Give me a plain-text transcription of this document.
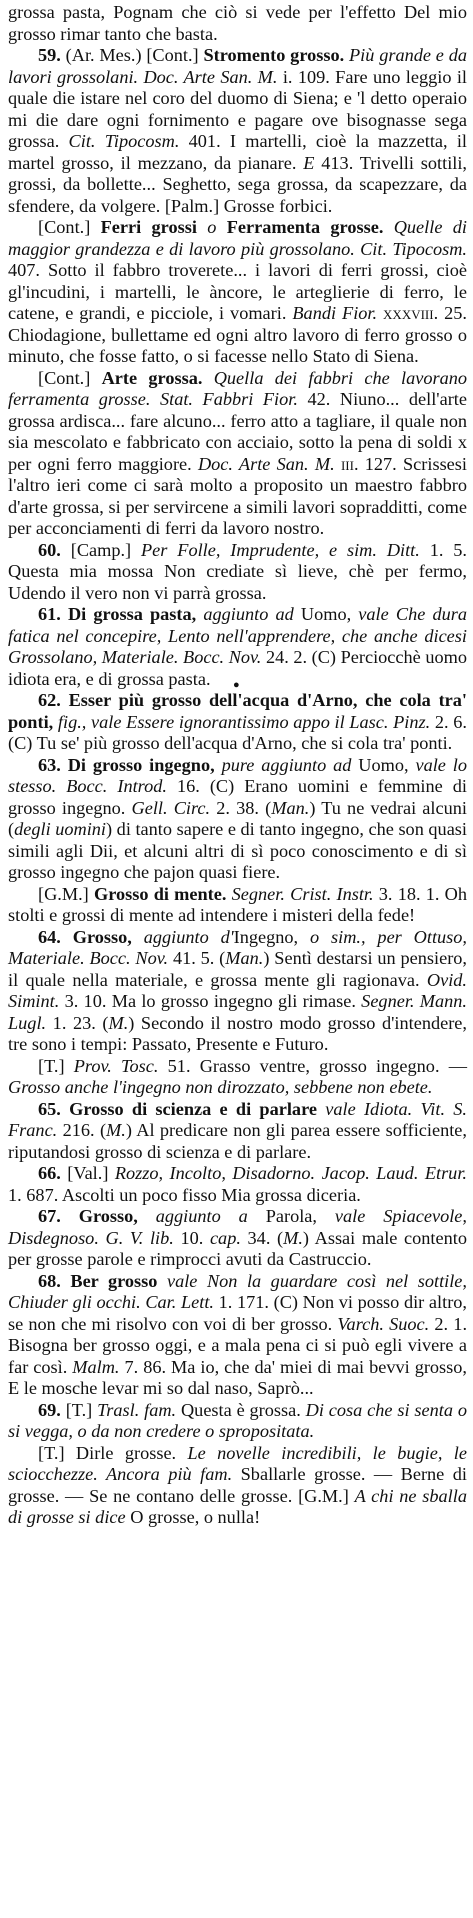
grossa pasta, Pognam che ciò si vede per l'effetto Del mio grosso rimar tanto che basta.

59. (Ar. Mes.) [Cont.] Stromento grosso. Più grande e da lavori grossolani. Doc. Arte San. M. i. 109. Fare uno leggio il quale die istare nel coro del duomo di Siena; e 'l detto operaio mi die dare ogni fornimento e pagare ove bisognasse sega grossa. Cit. Tipocosm. 401. I martelli, cioè la mazzetta, il martel grosso, il mezzano, da pianare. E 413. Trivelli sottili, grossi, da bollette... Seghetto, sega grossa, da scapezzare, da sfendere, da volgere. [Palm.] Grosse forbici.

[Cont.] Ferri grossi o Ferramenta grosse. Quelle di maggior grandezza e di lavoro più grossolano. Cit. Tipocosm. 407. Sotto il fabbro troverete... i lavori di ferri grossi, cioè gl'incudini, i martelli, le àncore, le arteglierie di ferro, le catene, e grandi, e picciole, i vomari. Bandi Fior. xxxviii. 25. Chiodagione, bullettame ed ogni altro lavoro di ferro grosso o minuto, che fosse fatto, o si facesse nello Stato di Siena.

[Cont.] Arte grossa. Quella dei fabbri che lavorano ferramenta grosse. Stat. Fabbri Fior. 42. Niuno... dell'arte grossa ardisca... fare alcuno... ferro atto a tagliare, il quale non sia mescolato e fabbricato con acciaio, sotto la pena di soldi x per ogni ferro maggiore. Doc. Arte San. M. iii. 127. Scrissesi l'altro ieri come ci sarà molto a proposito un maestro fabbro d'arte grossa, si per servircene a simili lavori sopradditti, come per acconciamenti di ferri da lavoro nostro.

60. [Camp.] Per Folle, Imprudente, e sim. Ditt. 1. 5. Questa mia mossa Non crediate sì lieve, chè per fermo, Udendo il vero non vi parrà grossa.

61. Di grossa pasta, aggiunto ad Uomo, vale Che dura fatica nel concepire, Lento nell'apprendere, che anche dicesi Grossolano, Materiale. Bocc. Nov. 24. 2. (C) Perciocchè uomo idiota era, e di grossa pasta.	●

62. Esser più grosso dell'acqua d'Arno, che cola tra' ponti, fig., vale Essere ignorantissimo appo il Lasc. Pinz. 2. 6. (C) Tu se' più grosso dell'acqua d'Arno, che si cola tra' ponti.

63. Di grosso ingegno, pure aggiunto ad Uomo, vale lo stesso. Bocc. Introd. 16. (C) Erano uomini e femmine di grosso ingegno. Gell. Circ. 2. 38. (Man.) Tu ne vedrai alcuni (degli uomini) di tanto sapere e di tanto ingegno, che son quasi simili agli Dii, et alcuni altri di sì poco conoscimento e di sì grosso ingegno che pajon quasi fiere.

[G.M.] Grosso di mente. Segner. Crist. Instr. 3. 18. 1. Oh stolti e grossi di mente ad intendere i misteri della fede!

64. Grosso, aggiunto d'Ingegno, o sim., per Ottuso, Materiale. Bocc. Nov. 41. 5. (Man.) Sentì destarsi un pensiero, il quale nella materiale, e grossa mente gli ragionava. Ovid. Simint. 3. 10. Ma lo grosso ingegno gli rimase. Segner. Mann. Lugl. 1. 23. (M.) Secondo il nostro modo grosso d'intendere, tre sono i tempi: Passato, Presente e Futuro.

[T.] Prov. Tosc. 51. Grasso ventre, grosso ingegno. — Grosso anche l'ingegno non dirozzato, sebbene non ebete.

65. Grosso di scienza e di parlare vale Idiota. Vit. S. Franc. 216. (M.) Al predicare non gli parea essere sofficiente, riputandosi grosso di scienza e di parlare.

66. [Val.] Rozzo, Incolto, Disadorno. Jacop. Laud. Etrur. 1. 687. Ascolti un poco fisso Mia grossa diceria.

67. Grosso, aggiunto a Parola, vale Spiacevole, Disdegnoso. G. V. lib. 10. cap. 34. (M.) Assai male contento per grosse parole e rimprocci avuti da Castruccio.

68. Ber grosso vale Non la guardare così nel sottile, Chiuder gli occhi. Car. Lett. 1. 171. (C) Non vi posso dir altro, se non che mi risolvo con voi di ber grosso. Varch. Suoc. 2. 1. Bisogna ber grosso oggi, e a mala pena ci si può egli vivere a far così. Malm. 7. 86. Ma io, che da' miei di mai bevvi grosso, E le mosche levar mi so dal naso, Saprò...

69. [T.] Trasl. fam. Questa è grossa. Di cosa che si senta o si vegga, o da non credere o spropositata.

[T.] Dirle grosse. Le novelle incredibili, le bugie, le sciocchezze. Ancora più fam. Sballarle grosse. — Berne di grosse. — Se ne contano delle grosse. [G.M.] A chi ne sballa di grosse si dice O grosse, o nulla!
